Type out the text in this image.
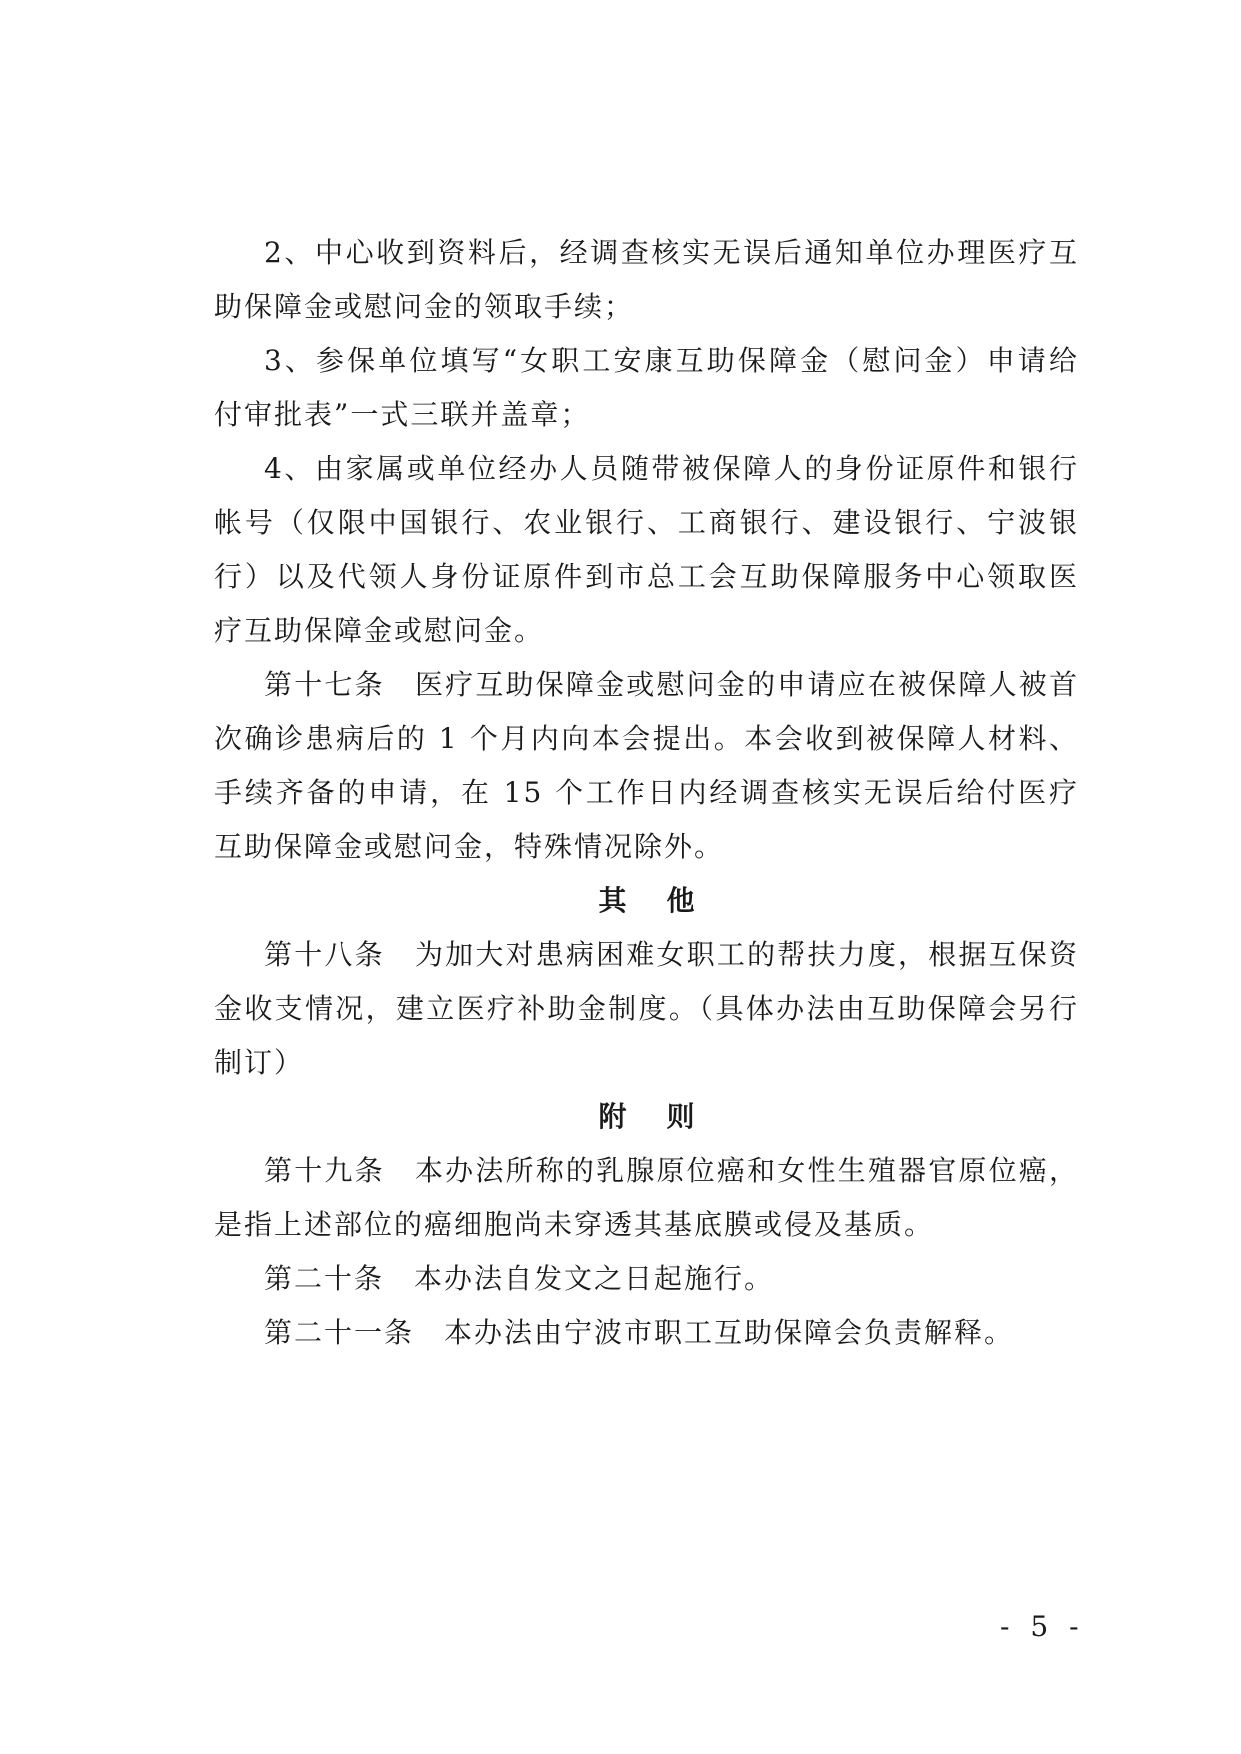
2、中心收到资料后，经调查核实无误后通知单位办理医疗互助保障金或慰问金的领取手续；

3、参保单位填写“女职工安康互助保障金（慰问金）申请给付审批表”一式三联并盖章；

4、由家属或单位经办人员随带被保障人的身份证原件和银行帐号（仅限中国银行、农业银行、工商银行、建设银行、宁波银行）以及代领人身份证原件到市总工会互助保障服务中心领取医疗互助保障金或慰问金。

第十七条　医疗互助保障金或慰问金的申请应在被保障人被首次确诊患病后的 1 个月内向本会提出。本会收到被保障人材料、手续齐备的申请，在 15 个工作日内经调查核实无误后给付医疗互助保障金或慰问金，特殊情况除外。

其他

第十八条　为加大对患病困难女职工的帮扶力度，根据互保资金收支情况，建立医疗补助金制度。（具体办法由互助保障会另行制订）

附则

第十九条　本办法所称的乳腺原位癌和女性生殖器官原位癌，是指上述部位的癌细胞尚未穿透其基底膜或侵及基质。

第二十条　本办法自发文之日起施行。

第二十一条　本办法由宁波市职工互助保障会负责解释。

- 5 -
